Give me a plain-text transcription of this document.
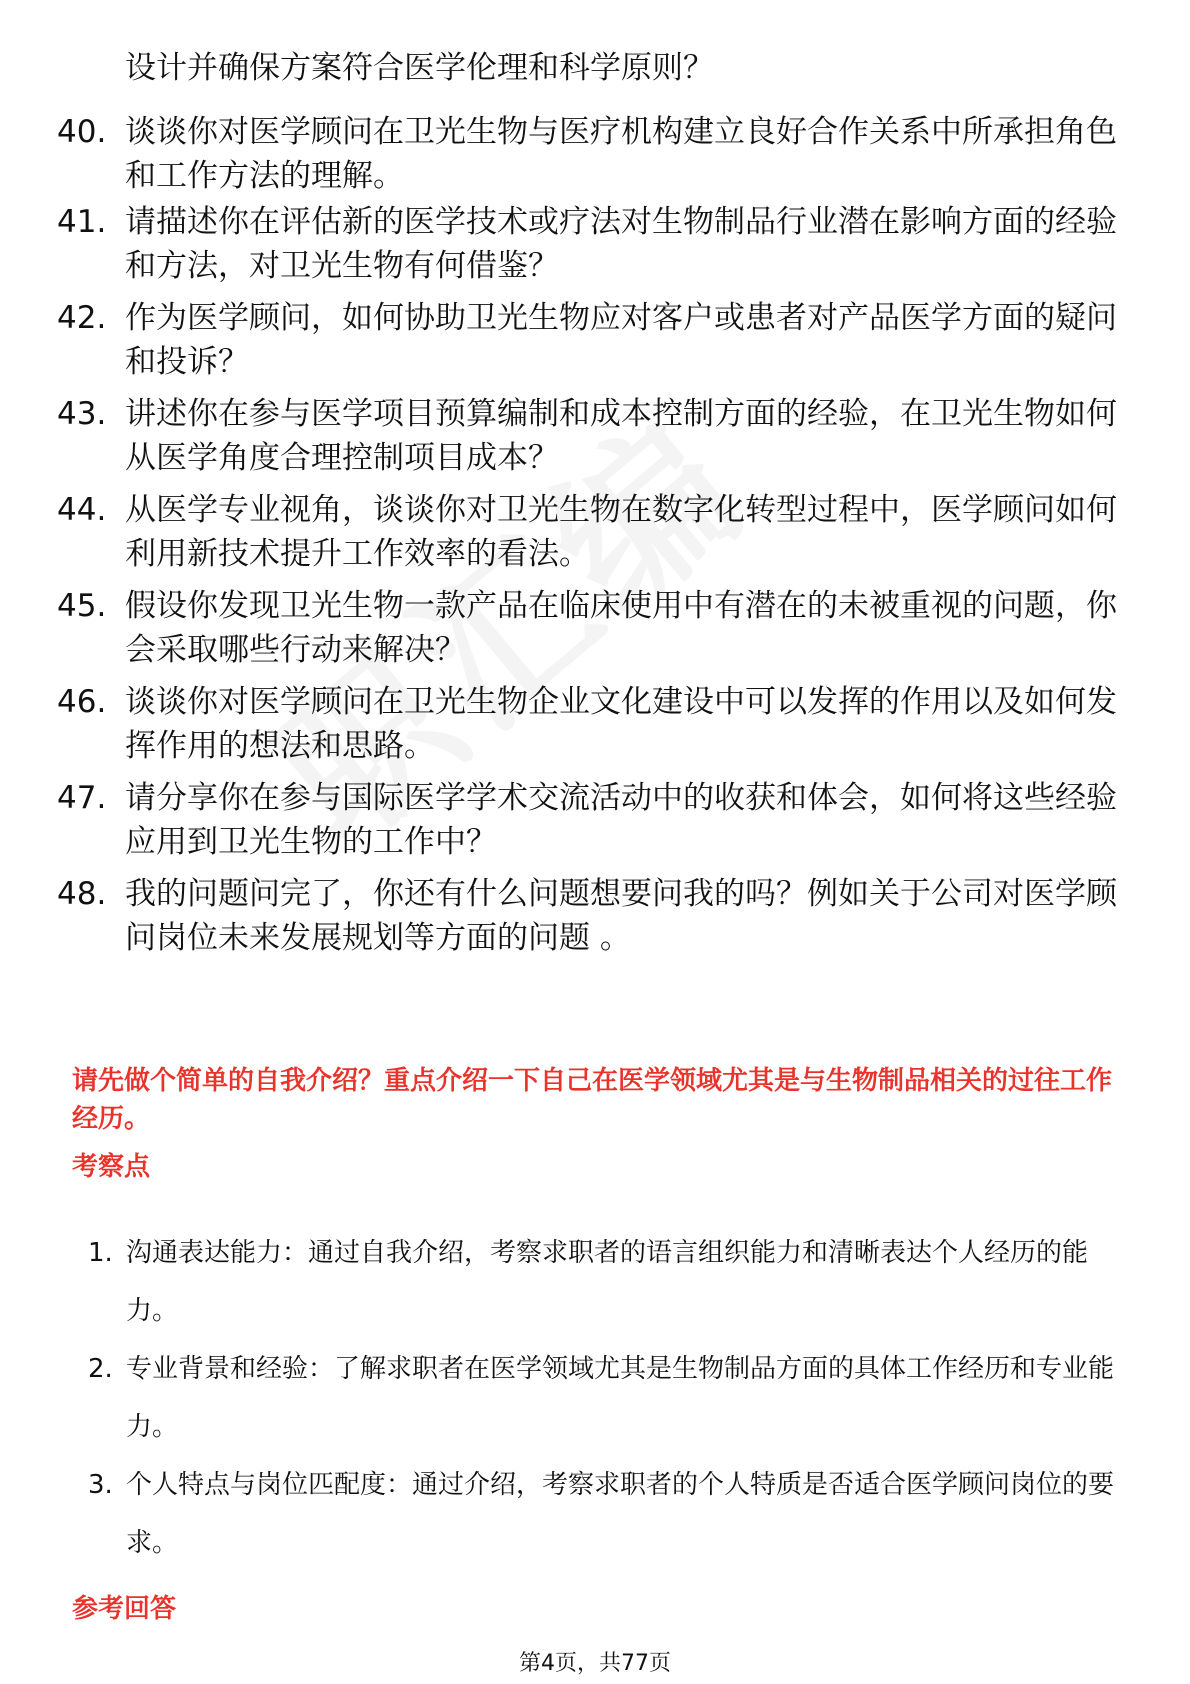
设计并确保方案符合医学伦理和科学原则？
40. 谈谈你对医学顾问在卫光生物与医疗机构建立良好合作关系中所承担角色和工作方法的理解。
41. 请描述你在评估新的医学技术或疗法对生物制品行业潜在影响方面的经验和方法，对卫光生物有何借鉴？
42. 作为医学顾问，如何协助卫光生物应对客户或患者对产品医学方面的疑问和投诉？
43. 讲述你在参与医学项目预算编制和成本控制方面的经验，在卫光生物如何从医学角度合理控制项目成本？
44. 从医学专业视角，谈谈你对卫光生物在数字化转型过程中，医学顾问如何利用新技术提升工作效率的看法。
45. 假设你发现卫光生物一款产品在临床使用中有潜在的未被重视的问题，你会采取哪些行动来解决？
46. 谈谈你对医学顾问在卫光生物企业文化建设中可以发挥的作用以及如何发挥作用的想法和思路。
47. 请分享你在参与国际医学学术交流活动中的收获和体会，如何将这些经验应用到卫光生物的工作中？
48. 我的问题问完了，你还有什么问题想要问我的吗？例如关于公司对医学顾问岗位未来发展规划等方面的问题 。
请先做个简单的自我介绍？重点介绍一下自己在医学领域尤其是与生物制品相关的过往工作经历。
考察点
1. 沟通表达能力：通过自我介绍，考察求职者的语言组织能力和清晰表达个人经历的能力。
2. 专业背景和经验：了解求职者在医学领域尤其是生物制品方面的具体工作经历和专业能力。
3. 个人特点与岗位匹配度：通过介绍，考察求职者的个人特质是否适合医学顾问岗位的要求。
参考回答
第4页，共77页
